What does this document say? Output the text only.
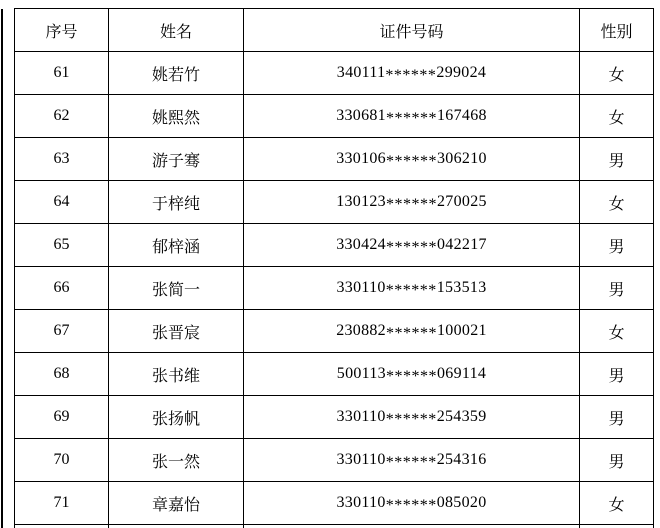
序号	姓名	证件号码	性别
61	姚若竹	340111******299024	女
62	姚熙然	330681******167468	女
63	游子骞	330106******306210	男
64	于梓纯	130123******270025	女
65	郁梓涵	330424******042217	男
66	张简一	330110******153513	男
67	张晋宸	230882******100021	女
68	张书维	500113******069114	男
69	张扬帆	330110******254359	男
70	张一然	330110******254316	男
71	章嘉怡	330110******085020	女
